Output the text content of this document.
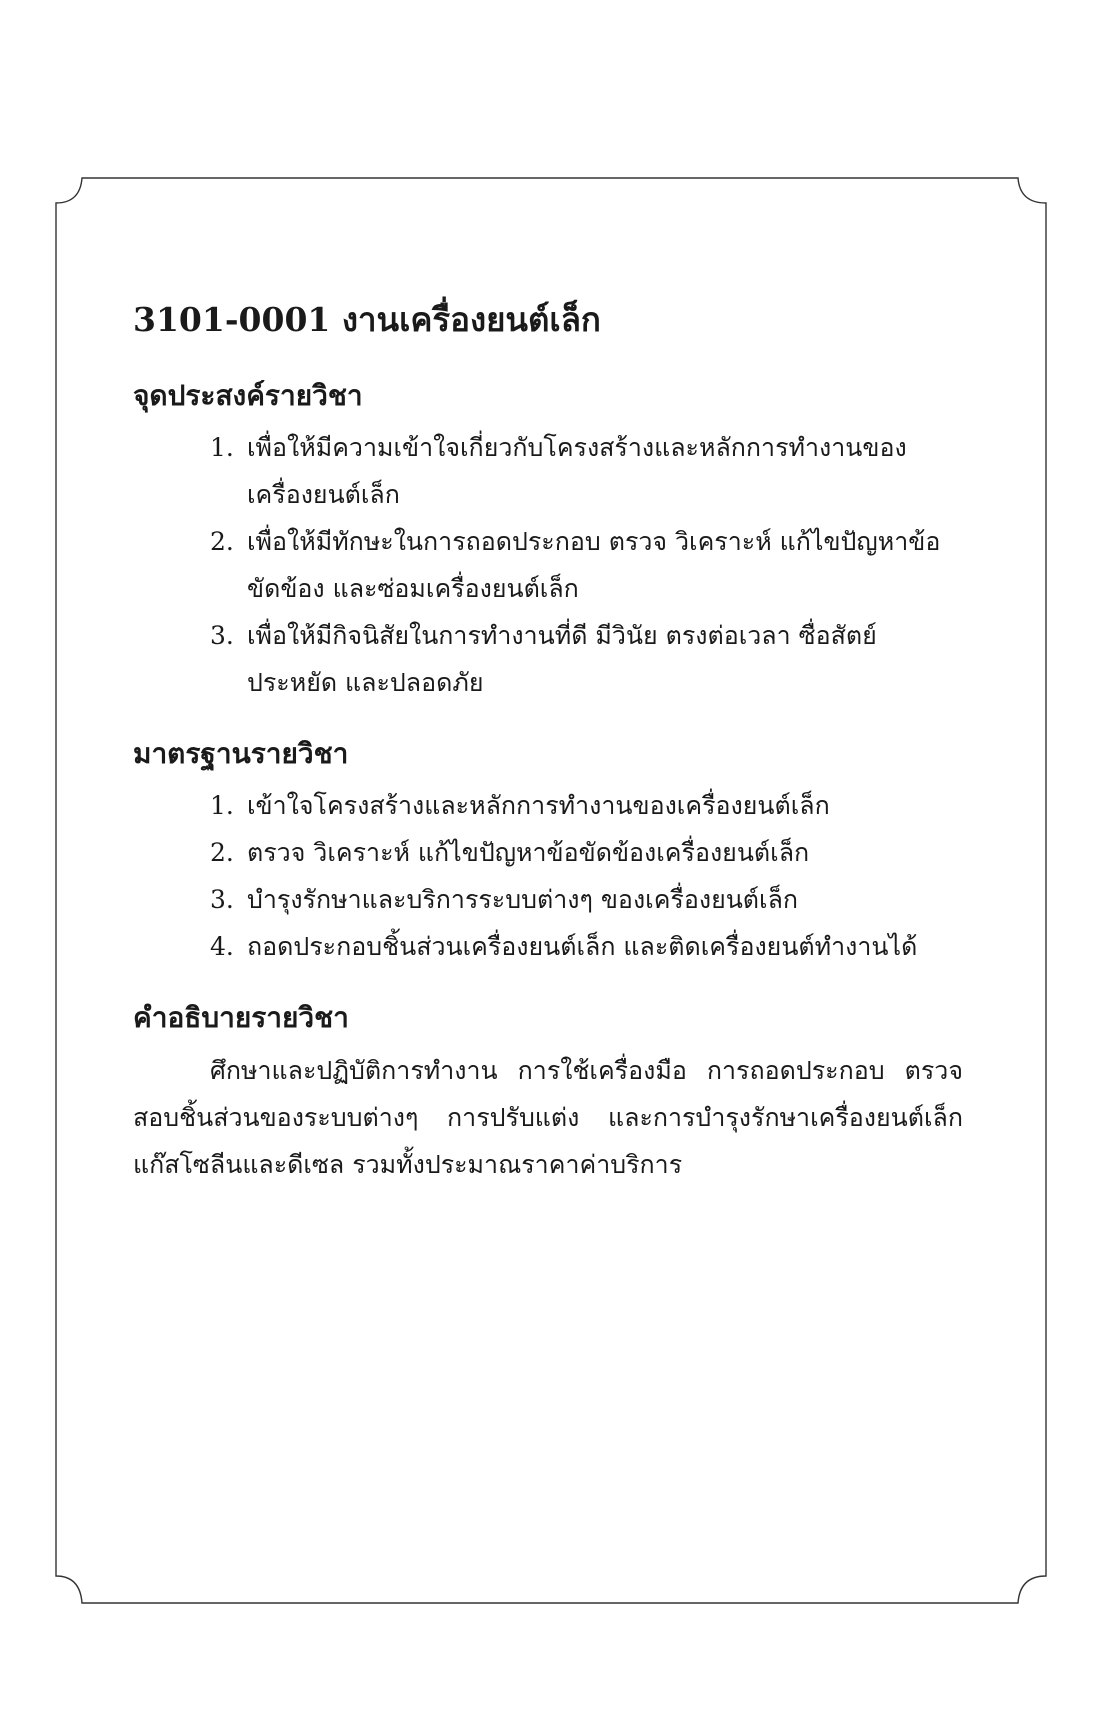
3101-0001 งานเครื่องยนต์เล็ก
จุดประสงค์รายวิชา
1. เพื่อให้มีความเข้าใจเกี่ยวกับโครงสร้างและหลักการทำงานของเครื่องยนต์เล็ก
2. เพื่อให้มีทักษะในการถอดประกอบ ตรวจ วิเคราะห์ แก้ไขปัญหาข้อขัดข้อง และซ่อมเครื่องยนต์เล็ก
3. เพื่อให้มีกิจนิสัยในการทำงานที่ดี มีวินัย ตรงต่อเวลา ซื่อสัตย์ ประหยัด และปลอดภัย
มาตรฐานรายวิชา
1. เข้าใจโครงสร้างและหลักการทำงานของเครื่องยนต์เล็ก
2. ตรวจ วิเคราะห์ แก้ไขปัญหาข้อขัดข้องเครื่องยนต์เล็ก
3. บำรุงรักษาและบริการระบบต่างๆ ของเครื่องยนต์เล็ก
4. ถอดประกอบชิ้นส่วนเครื่องยนต์เล็ก และติดเครื่องยนต์ทำงานได้
คำอธิบายรายวิชา

ศึกษาและปฏิบัติการทำงาน การใช้เครื่องมือ การถอดประกอบ ตรวจสอบชิ้นส่วนของระบบต่างๆ การปรับแต่ง และการบำรุงรักษาเครื่องยนต์เล็กแก๊สโซลีนและดีเซล รวมทั้งประมาณราคาค่าบริการ
